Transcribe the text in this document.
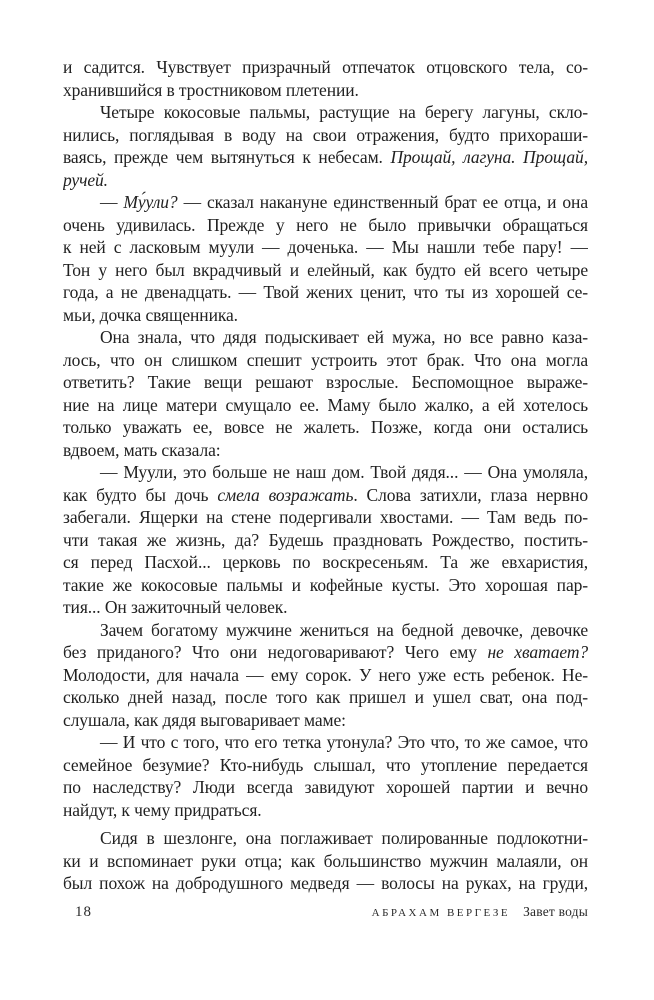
и садится. Чувствует призрачный отпечаток отцовского тела, со-
хранившийся в тростниковом плетении.
Четыре кокосовые пальмы, растущие на берегу лагуны, скло-
нились, поглядывая в воду на свои отражения, будто прихораши-
ваясь, прежде чем вытянуться к небесам. Прощай, лагуна. Прощай,
ручей.
— Му́ули? — сказал накануне единственный брат ее отца, и она
очень удивилась. Прежде у него не было привычки обращаться
к ней с ласковым муули — доченька. — Мы нашли тебе пару! —
Тон у него был вкрадчивый и елейный, как будто ей всего четыре
года, а не двенадцать. — Твой жених ценит, что ты из хорошей се-
мьи, дочка священника.
Она знала, что дядя подыскивает ей мужа, но все равно каза-
лось, что он слишком спешит устроить этот брак. Что она могла
ответить? Такие вещи решают взрослые. Беспомощное выраже-
ние на лице матери смущало ее. Маму было жалко, а ей хотелось
только уважать ее, вовсе не жалеть. Позже, когда они остались
вдвоем, мать сказала:
— Муули, это больше не наш дом. Твой дядя... — Она умоляла,
как будто бы дочь смела возражать. Слова затихли, глаза нервно
забегали. Ящерки на стене подергивали хвостами. — Там ведь по-
чти такая же жизнь, да? Будешь праздновать Рождество, постить-
ся перед Пасхой... церковь по воскресеньям. Та же евхаристия,
такие же кокосовые пальмы и кофейные кусты. Это хорошая пар-
тия... Он зажиточный человек.
Зачем богатому мужчине жениться на бедной девочке, девочке
без приданого? Что они недоговаривают? Чего ему не хватает?
Молодости, для начала — ему сорок. У него уже есть ребенок. Не-
сколько дней назад, после того как пришел и ушел сват, она под-
слушала, как дядя выговаривает маме:
— И что с того, что его тетка утонула? Это что, то же самое, что
семейное безумие? Кто-нибудь слышал, что утопление передается
по наследству? Люди всегда завидуют хорошей партии и вечно
найдут, к чему придраться.
Сидя в шезлонге, она поглаживает полированные подлокотни-
ки и вспоминает руки отца; как большинство мужчин малаяли, он
был похож на добродушного медведя — волосы на руках, на груди,
18	АБРАХАМ ВЕРГЕЗЕ Завет воды
